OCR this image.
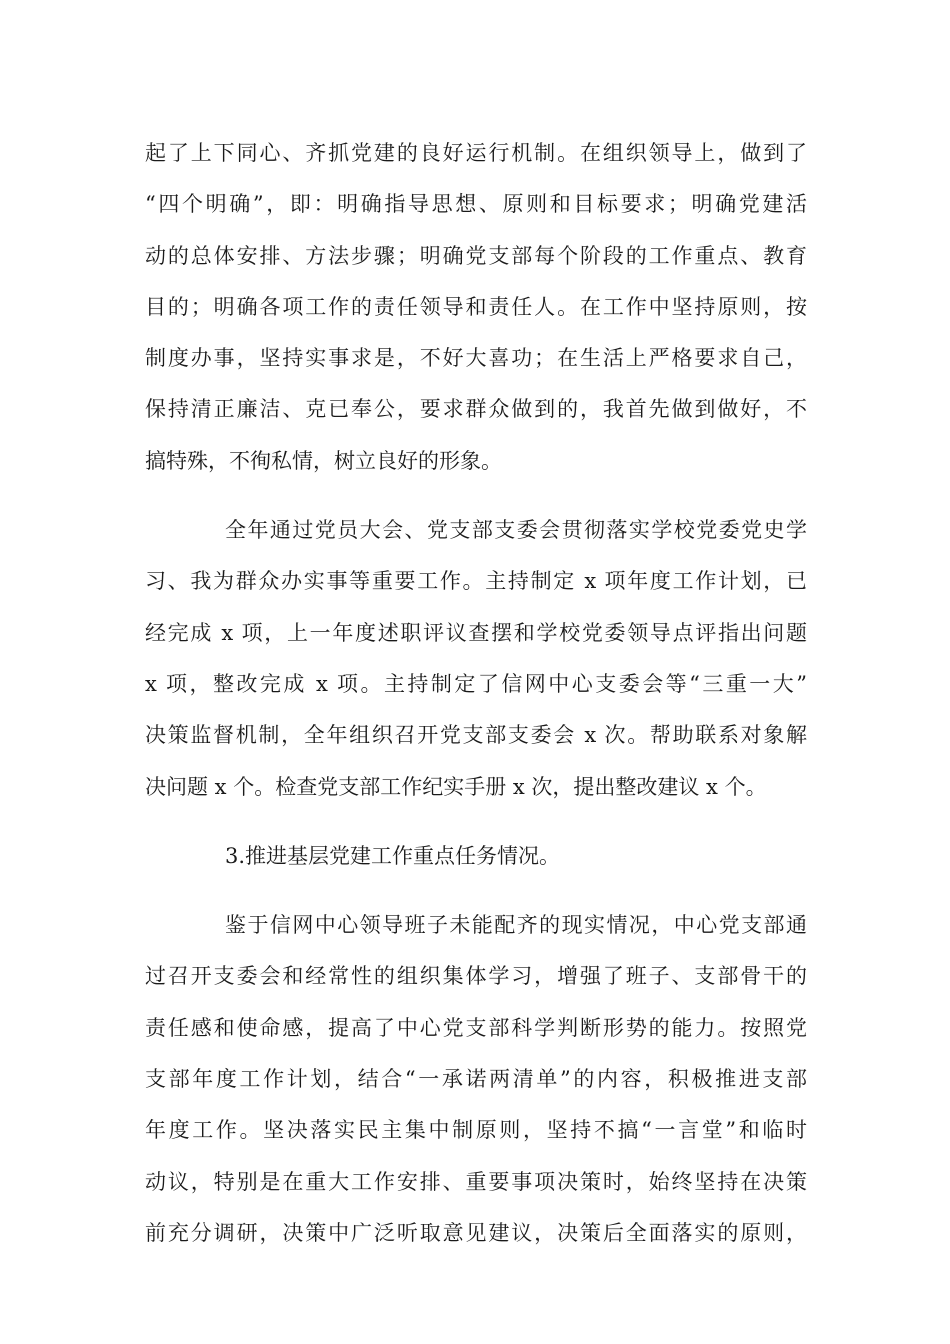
起了上下同心、齐抓党建的良好运行机制。在组织领导上，做到了
“四个明确”，即：明确指导思想、原则和目标要求；明确党建活
动的总体安排、方法步骤；明确党支部每个阶段的工作重点、教育
目的；明确各项工作的责任领导和责任人。在工作中坚持原则，按
制度办事，坚持实事求是，不好大喜功；在生活上严格要求自己，
保持清正廉洁、克已奉公，要求群众做到的，我首先做到做好，不
搞特殊，不徇私情，树立良好的形象。
全年通过党员大会、党支部支委会贯彻落实学校党委党史学
习、我为群众办实事等重要工作。主持制定 x 项年度工作计划，已
经完成 x 项，上一年度述职评议查摆和学校党委领导点评指出问题
x 项，整改完成 x 项。主持制定了信网中心支委会等“三重一大”
决策监督机制，全年组织召开党支部支委会 x 次。帮助联系对象解
决问题 x 个。检查党支部工作纪实手册 x 次，提出整改建议 x 个。
3.推进基层党建工作重点任务情况。
鉴于信网中心领导班子未能配齐的现实情况，中心党支部通
过召开支委会和经常性的组织集体学习，增强了班子、支部骨干的
责任感和使命感，提高了中心党支部科学判断形势的能力。按照党
支部年度工作计划，结合“一承诺两清单”的内容，积极推进支部
年度工作。坚决落实民主集中制原则，坚持不搞“一言堂”和临时
动议，特别是在重大工作安排、重要事项决策时，始终坚持在决策
前充分调研，决策中广泛听取意见建议，决策后全面落实的原则，
